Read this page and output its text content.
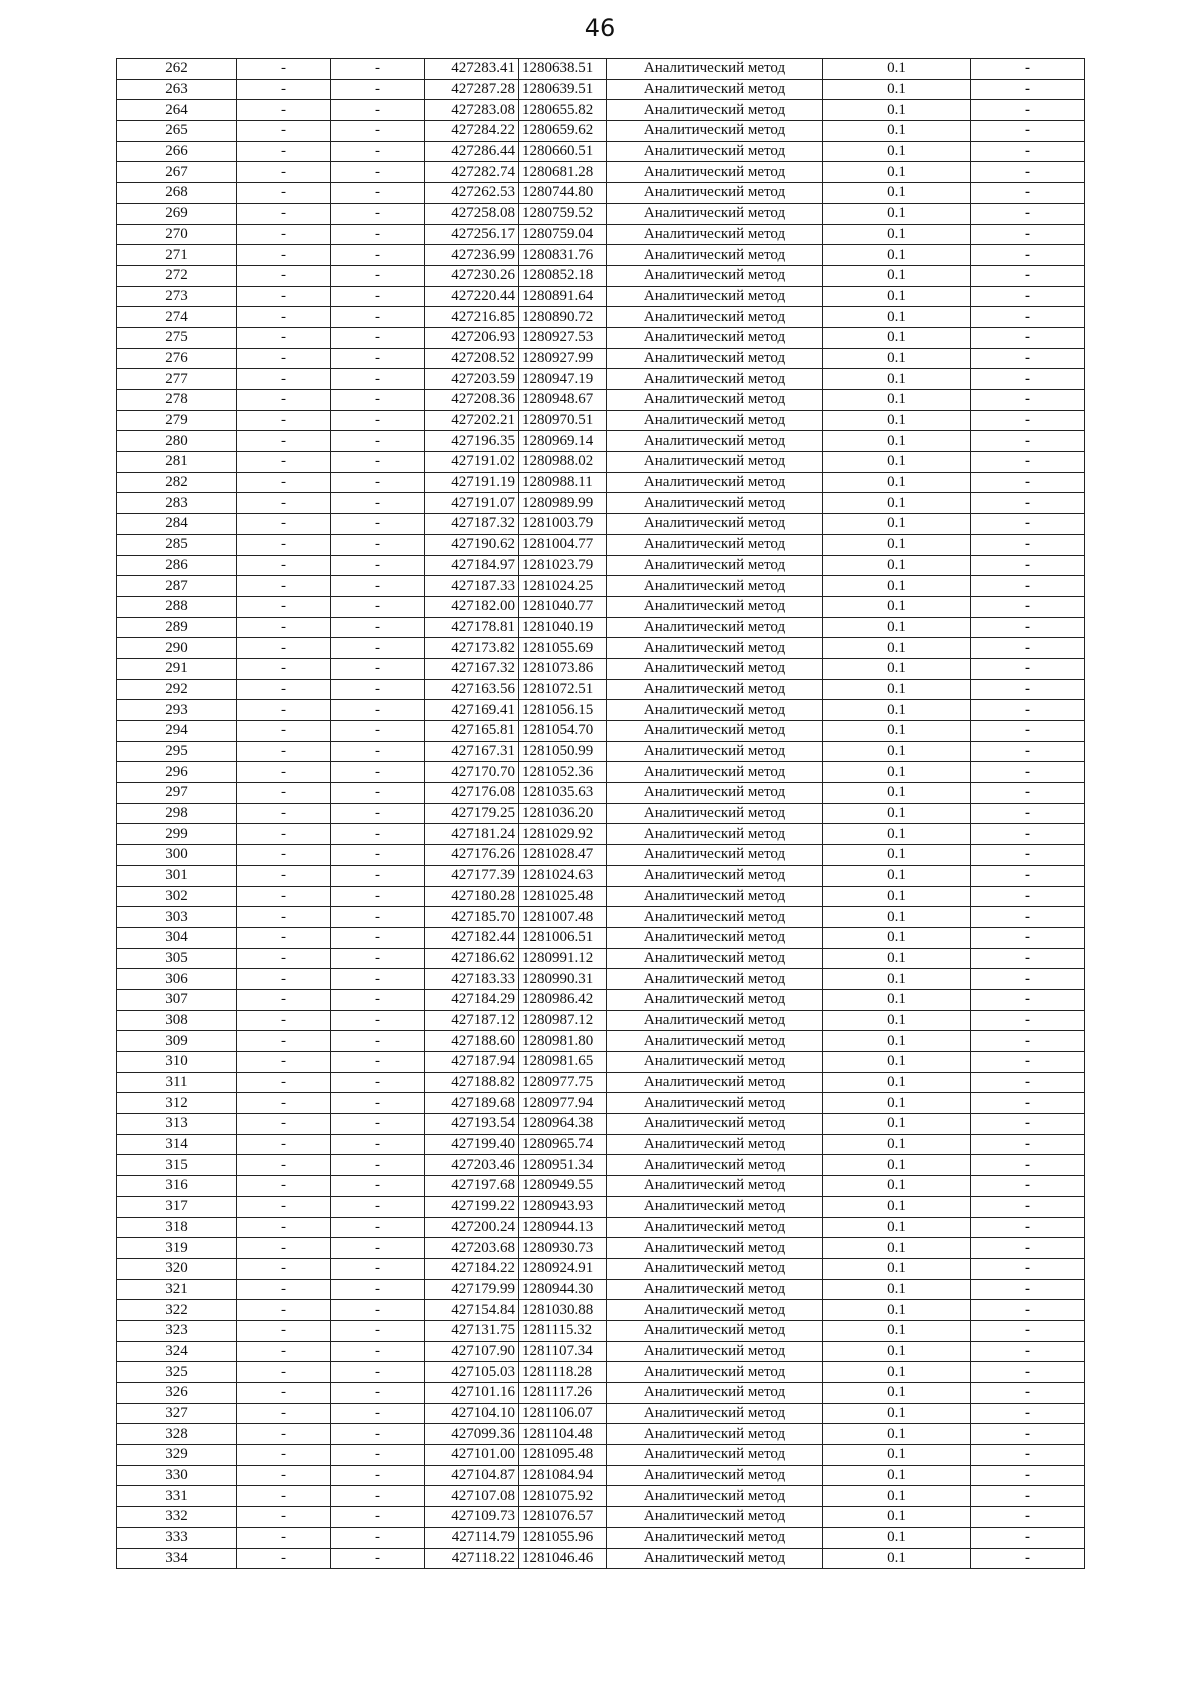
46
262	-	-	427283.41	1280638.51	Аналитический метод	0.1	-
263	-	-	427287.28	1280639.51	Аналитический метод	0.1	-
264	-	-	427283.08	1280655.82	Аналитический метод	0.1	-
265	-	-	427284.22	1280659.62	Аналитический метод	0.1	-
266	-	-	427286.44	1280660.51	Аналитический метод	0.1	-
267	-	-	427282.74	1280681.28	Аналитический метод	0.1	-
268	-	-	427262.53	1280744.80	Аналитический метод	0.1	-
269	-	-	427258.08	1280759.52	Аналитический метод	0.1	-
270	-	-	427256.17	1280759.04	Аналитический метод	0.1	-
271	-	-	427236.99	1280831.76	Аналитический метод	0.1	-
272	-	-	427230.26	1280852.18	Аналитический метод	0.1	-
273	-	-	427220.44	1280891.64	Аналитический метод	0.1	-
274	-	-	427216.85	1280890.72	Аналитический метод	0.1	-
275	-	-	427206.93	1280927.53	Аналитический метод	0.1	-
276	-	-	427208.52	1280927.99	Аналитический метод	0.1	-
277	-	-	427203.59	1280947.19	Аналитический метод	0.1	-
278	-	-	427208.36	1280948.67	Аналитический метод	0.1	-
279	-	-	427202.21	1280970.51	Аналитический метод	0.1	-
280	-	-	427196.35	1280969.14	Аналитический метод	0.1	-
281	-	-	427191.02	1280988.02	Аналитический метод	0.1	-
282	-	-	427191.19	1280988.11	Аналитический метод	0.1	-
283	-	-	427191.07	1280989.99	Аналитический метод	0.1	-
284	-	-	427187.32	1281003.79	Аналитический метод	0.1	-
285	-	-	427190.62	1281004.77	Аналитический метод	0.1	-
286	-	-	427184.97	1281023.79	Аналитический метод	0.1	-
287	-	-	427187.33	1281024.25	Аналитический метод	0.1	-
288	-	-	427182.00	1281040.77	Аналитический метод	0.1	-
289	-	-	427178.81	1281040.19	Аналитический метод	0.1	-
290	-	-	427173.82	1281055.69	Аналитический метод	0.1	-
291	-	-	427167.32	1281073.86	Аналитический метод	0.1	-
292	-	-	427163.56	1281072.51	Аналитический метод	0.1	-
293	-	-	427169.41	1281056.15	Аналитический метод	0.1	-
294	-	-	427165.81	1281054.70	Аналитический метод	0.1	-
295	-	-	427167.31	1281050.99	Аналитический метод	0.1	-
296	-	-	427170.70	1281052.36	Аналитический метод	0.1	-
297	-	-	427176.08	1281035.63	Аналитический метод	0.1	-
298	-	-	427179.25	1281036.20	Аналитический метод	0.1	-
299	-	-	427181.24	1281029.92	Аналитический метод	0.1	-
300	-	-	427176.26	1281028.47	Аналитический метод	0.1	-
301	-	-	427177.39	1281024.63	Аналитический метод	0.1	-
302	-	-	427180.28	1281025.48	Аналитический метод	0.1	-
303	-	-	427185.70	1281007.48	Аналитический метод	0.1	-
304	-	-	427182.44	1281006.51	Аналитический метод	0.1	-
305	-	-	427186.62	1280991.12	Аналитический метод	0.1	-
306	-	-	427183.33	1280990.31	Аналитический метод	0.1	-
307	-	-	427184.29	1280986.42	Аналитический метод	0.1	-
308	-	-	427187.12	1280987.12	Аналитический метод	0.1	-
309	-	-	427188.60	1280981.80	Аналитический метод	0.1	-
310	-	-	427187.94	1280981.65	Аналитический метод	0.1	-
311	-	-	427188.82	1280977.75	Аналитический метод	0.1	-
312	-	-	427189.68	1280977.94	Аналитический метод	0.1	-
313	-	-	427193.54	1280964.38	Аналитический метод	0.1	-
314	-	-	427199.40	1280965.74	Аналитический метод	0.1	-
315	-	-	427203.46	1280951.34	Аналитический метод	0.1	-
316	-	-	427197.68	1280949.55	Аналитический метод	0.1	-
317	-	-	427199.22	1280943.93	Аналитический метод	0.1	-
318	-	-	427200.24	1280944.13	Аналитический метод	0.1	-
319	-	-	427203.68	1280930.73	Аналитический метод	0.1	-
320	-	-	427184.22	1280924.91	Аналитический метод	0.1	-
321	-	-	427179.99	1280944.30	Аналитический метод	0.1	-
322	-	-	427154.84	1281030.88	Аналитический метод	0.1	-
323	-	-	427131.75	1281115.32	Аналитический метод	0.1	-
324	-	-	427107.90	1281107.34	Аналитический метод	0.1	-
325	-	-	427105.03	1281118.28	Аналитический метод	0.1	-
326	-	-	427101.16	1281117.26	Аналитический метод	0.1	-
327	-	-	427104.10	1281106.07	Аналитический метод	0.1	-
328	-	-	427099.36	1281104.48	Аналитический метод	0.1	-
329	-	-	427101.00	1281095.48	Аналитический метод	0.1	-
330	-	-	427104.87	1281084.94	Аналитический метод	0.1	-
331	-	-	427107.08	1281075.92	Аналитический метод	0.1	-
332	-	-	427109.73	1281076.57	Аналитический метод	0.1	-
333	-	-	427114.79	1281055.96	Аналитический метод	0.1	-
334	-	-	427118.22	1281046.46	Аналитический метод	0.1	-
